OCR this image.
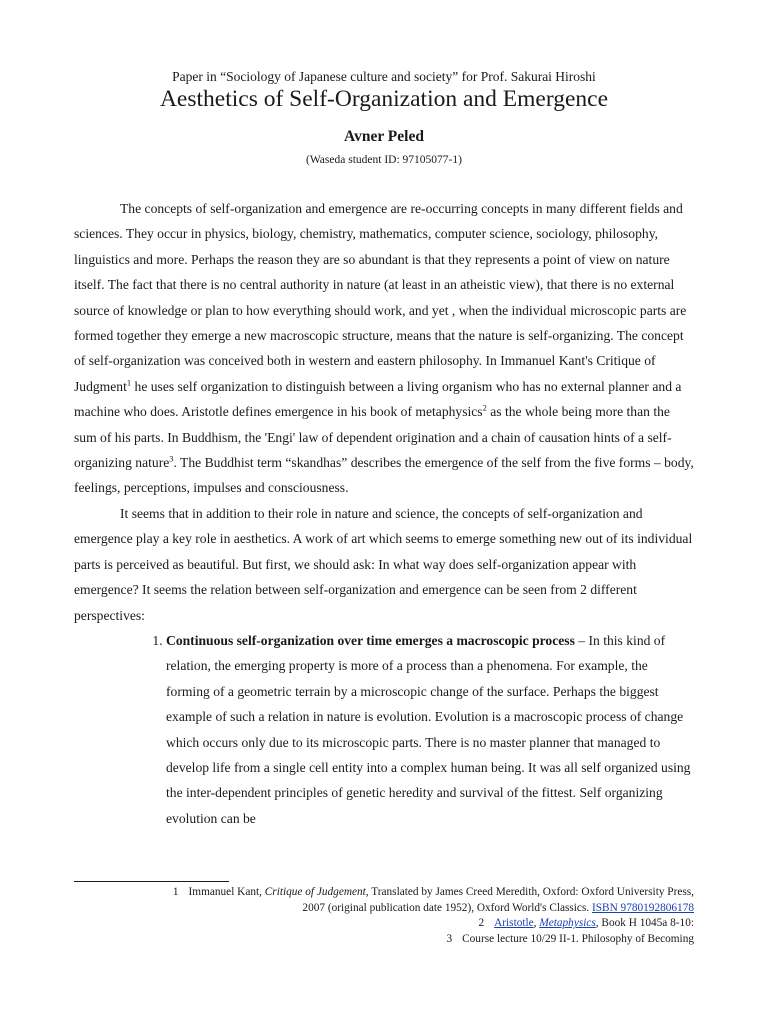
Paper in “Sociology of Japanese culture and society” for Prof. Sakurai Hiroshi
Aesthetics of Self-Organization and Emergence
Avner Peled
(Waseda student ID: 97105077-1)

The concepts of self-organization and emergence are re-occurring concepts in many different fields and sciences. They occur in physics, biology, chemistry, mathematics, computer science, sociology, philosophy, linguistics and more. Perhaps the reason they are so abundant is that they represents a point of view on nature itself. The fact that there is no central authority in nature (at least in an atheistic view), that there is no external source of knowledge or plan to how everything should work, and yet , when the individual microscopic parts are formed together they emerge a new macroscopic structure, means that the nature is self-organizing. The concept of self-organization was conceived both in western and eastern philosophy. In Immanuel Kant's Critique of Judgment$^1$ he uses self organization to distinguish between a living organism who has no external planner and a machine who does. Aristotle defines emergence in his book of metaphysics$^2$ as the whole being more than the sum of his parts. In Buddhism, the 'Engi' law of dependent origination and a chain of causation hints of a self-organizing nature$^3$. The Buddhist term “skandhas” describes the emergence of the self from the five forms – body, feelings, perceptions, impulses and consciousness.

It seems that in addition to their role in nature and science, the concepts of self-organization and emergence play a key role in aesthetics. A work of art which seems to emerge something new out of its individual parts is perceived as beautiful. But first, we should ask: In what way does self-organization appear with emergence? It seems the relation between self-organization and emergence can be seen from 2 different perspectives:

1. Continuous self-organization over time emerges a macroscopic process – In this kind of relation, the emerging property is more of a process than a phenomena. For example, the forming of a geometric terrain by a microscopic change of the surface. Perhaps the biggest example of such a relation in nature is evolution. Evolution is a macroscopic process of change which occurs only due to its microscopic parts. There is no master planner that managed to develop life from a single cell entity into a complex human being. It was all self organized using the inter-dependent principles of genetic heredity and survival of the fittest. Self organizing evolution can be
1 Immanuel Kant, Critique of Judgement, Translated by James Creed Meredith, Oxford: Oxford University Press,
2007 (original publication date 1952), Oxford World's Classics. ISBN 9780192806178
2 Aristotle, Metaphysics, Book H 1045a 8-10:
3 Course lecture 10/29 II-1. Philosophy of Becoming
